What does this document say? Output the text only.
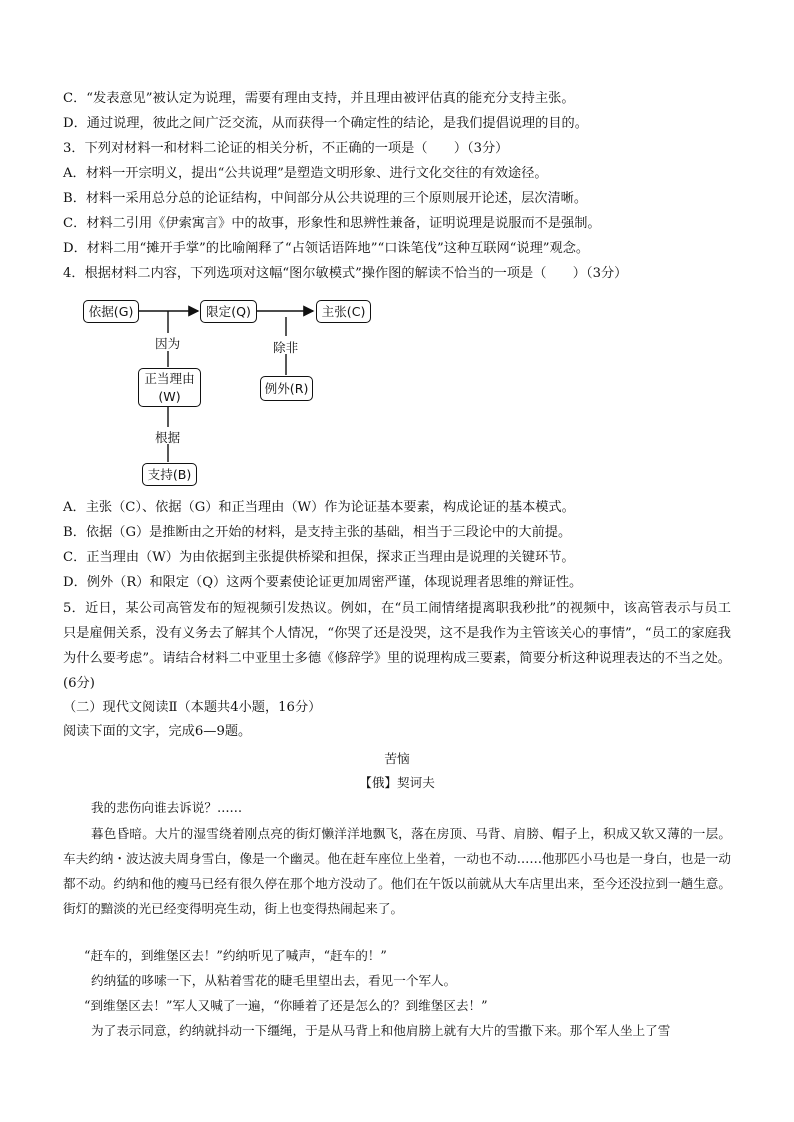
C．“发表意见”被认定为说理，需要有理由支持，并且理由被评估真的能充分支持主张。
D．通过说理，彼此之间广泛交流，从而获得一个确定性的结论，是我们提倡说理的目的。
3．下列对材料一和材料二论证的相关分析，不正确的一项是（　　）（3分）
A．材料一开宗明义，提出“公共说理”是塑造文明形象、进行文化交往的有效途径。
B．材料一采用总分总的论证结构，中间部分从公共说理的三个原则展开论述，层次清晰。
C．材料二引用《伊索寓言》中的故事，形象性和思辨性兼备，证明说理是说服而不是强制。
D．材料二用“摊开手掌”的比喻阐释了“占领话语阵地”“口诛笔伐”这种互联网“说理”观念。
4．根据材料二内容，下列选项对这幅“图尔敏模式”操作图的解读不恰当的一项是（　　）（3分）
依据(G)	限定(Q)	主张(C)
因为	除非
正当理由
(W)
例外(R)
根据
支持(B)
A．主张（C）、依据（G）和正当理由（W）作为论证基本要素，构成论证的基本模式。
B．依据（G）是推断由之开始的材料，是支持主张的基础，相当于三段论中的大前提。
C．正当理由（W）为由依据到主张提供桥梁和担保，探求正当理由是说理的关键环节。
D．例外（R）和限定（Q）这两个要素使论证更加周密严谨，体现说理者思维的辩证性。
5．近日，某公司高管发布的短视频引发热议。例如，在“员工闹情绪提离职我秒批”的视频中，该高管表示与员工只是雇佣关系，没有义务去了解其个人情况，“你哭了还是没哭，这不是我作为主管该关心的事情”，“员工的家庭我为什么要考虑”。请结合材料二中亚里士多德《修辞学》里的说理构成三要素，简要分析这种说理表达的不当之处。(6分)
（二）现代文阅读Ⅱ（本题共4小题，16分）
阅读下面的文字，完成6—9题。
苦恼
【俄】契诃夫
我的悲伤向谁去诉说？……
暮色昏暗。大片的湿雪绕着刚点亮的街灯懒洋洋地飘飞，落在房顶、马背、肩膀、帽子上，积成又软又薄的一层。车夫约纳・波达波夫周身雪白，像是一个幽灵。他在赶车座位上坐着，一动也不动……他那匹小马也是一身白，也是一动都不动。约纳和他的瘦马已经有很久停在那个地方没动了。他们在午饭以前就从大车店里出来，至今还没拉到一趟生意。街灯的黯淡的光已经变得明亮生动，街上也变得热闹起来了。
“赶车的，到维堡区去！”约纳听见了喊声，“赶车的！”
约纳猛的哆嗦一下，从粘着雪花的睫毛里望出去，看见一个军人。
“到维堡区去！”军人又喊了一遍，“你睡着了还是怎么的？到维堡区去！”
为了表示同意，约纳就抖动一下缰绳，于是从马背上和他肩膀上就有大片的雪撒下来。那个军人坐上了雪
